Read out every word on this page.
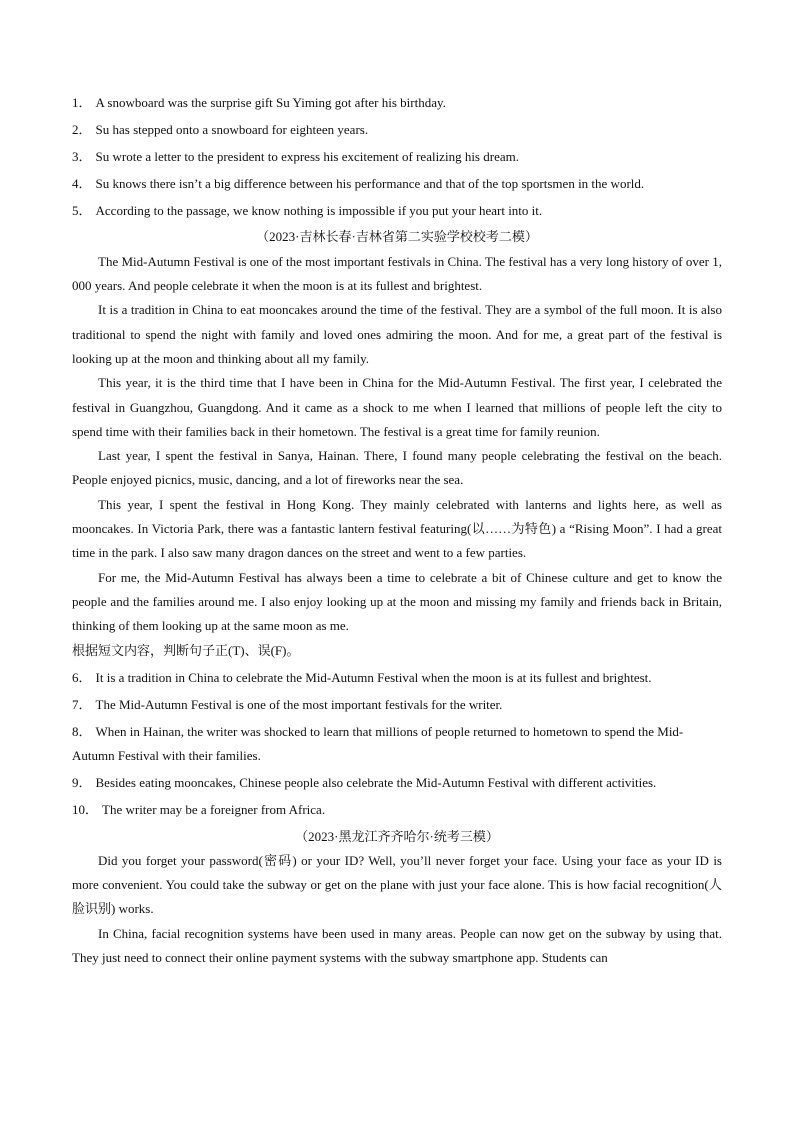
1． A snowboard was the surprise gift Su Yiming got after his birthday.

2． Su has stepped onto a snowboard for eighteen years.

3． Su wrote a letter to the president to express his excitement of realizing his dream.

4． Su knows there isn’t a big difference between his performance and that of the top sportsmen in the world.

5． According to the passage, we know nothing is impossible if you put your heart into it.

（2023·吉林长春·吉林省第二实验学校校考二模）

The Mid-Autumn Festival is one of the most important festivals in China. The festival has a very long history of over 1, 000 years. And people celebrate it when the moon is at its fullest and brightest.

It is a tradition in China to eat mooncakes around the time of the festival. They are a symbol of the full moon. It is also traditional to spend the night with family and loved ones admiring the moon. And for me, a great part of the festival is looking up at the moon and thinking about all my family.

This year, it is the third time that I have been in China for the Mid-Autumn Festival. The first year, I celebrated the festival in Guangzhou, Guangdong. And it came as a shock to me when I learned that millions of people left the city to spend time with their families back in their hometown. The festival is a great time for family reunion.

Last year, I spent the festival in Sanya, Hainan. There, I found many people celebrating the festival on the beach. People enjoyed picnics, music, dancing, and a lot of fireworks near the sea.

This year, I spent the festival in Hong Kong. They mainly celebrated with lanterns and lights here, as well as mooncakes. In Victoria Park, there was a fantastic lantern festival featuring(以……为特色) a “Rising Moon”. I had a great time in the park. I also saw many dragon dances on the street and went to a few parties.

For me, the Mid-Autumn Festival has always been a time to celebrate a bit of Chinese culture and get to know the people and the families around me. I also enjoy looking up at the moon and missing my family and friends back in Britain, thinking of them looking up at the same moon as me.

根据短文内容，判断句子正(T)、误(F)。

6． It is a tradition in China to celebrate the Mid-Autumn Festival when the moon is at its fullest and brightest.

7． The Mid-Autumn Festival is one of the most important festivals for the writer.

8． When in Hainan, the writer was shocked to learn that millions of people returned to hometown to spend the Mid-Autumn Festival with their families.

9． Besides eating mooncakes, Chinese people also celebrate the Mid-Autumn Festival with different activities.

10． The writer may be a foreigner from Africa.

（2023·黑龙江齐齐哈尔·统考三模）

Did you forget your password(密码) or your ID? Well, you’ll never forget your face. Using your face as your ID is more convenient. You could take the subway or get on the plane with just your face alone. This is how facial recognition(人脸识别) works.

In China, facial recognition systems have been used in many areas. People can now get on the subway by using that. They just need to connect their online payment systems with the subway smartphone app. Students can
